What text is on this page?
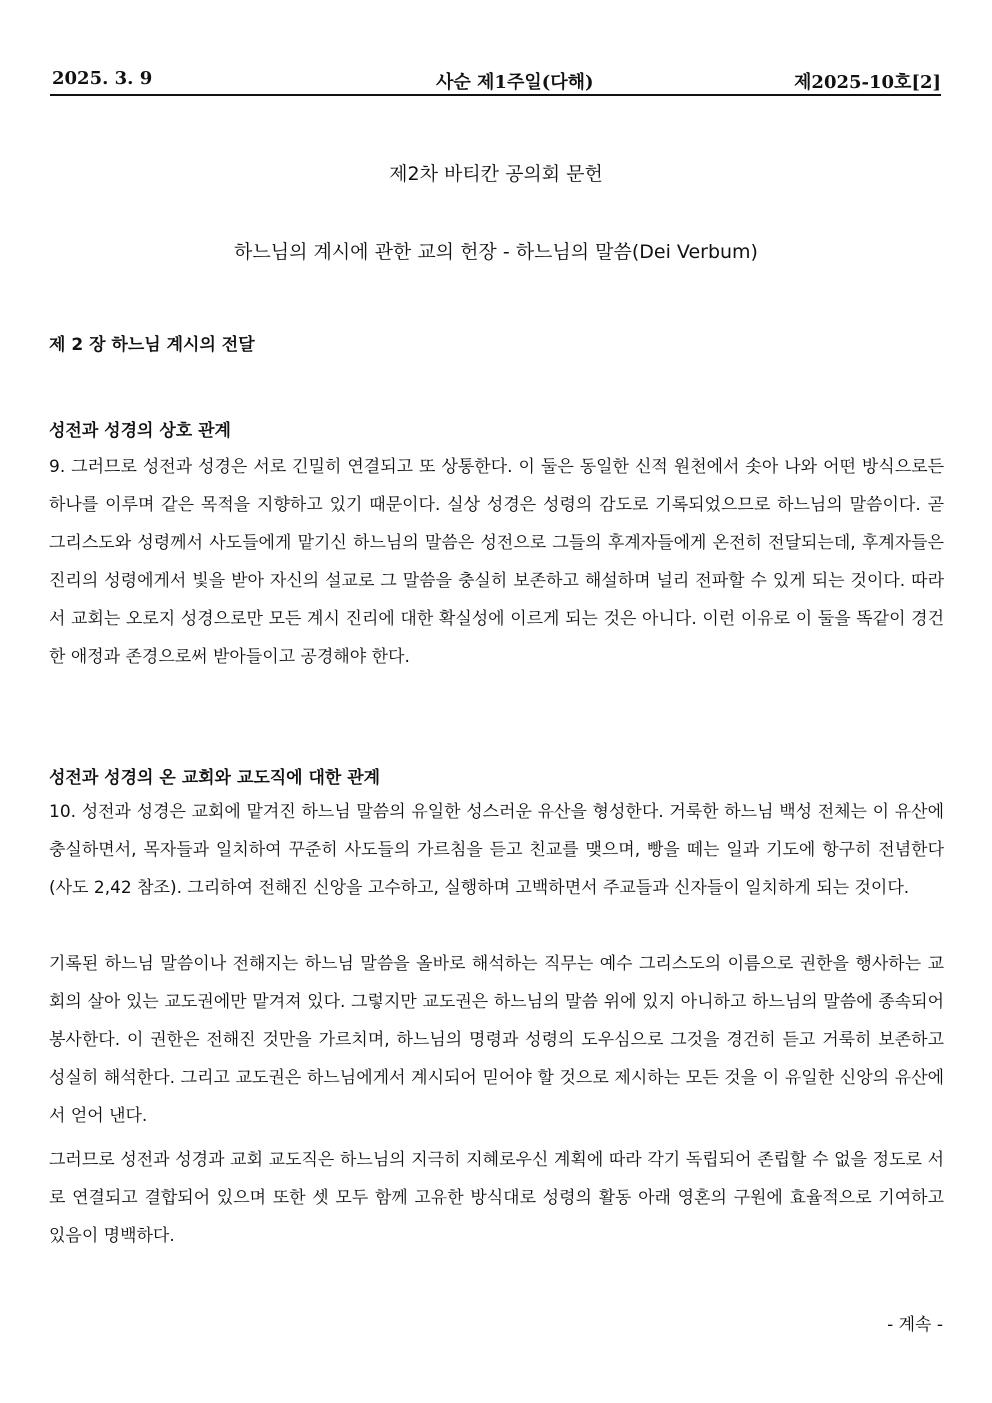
2025. 3. 9	사순 제1주일(다해)	제2025-10호[2]
제2차 바티칸 공의회 문헌
하느님의 계시에 관한 교의 헌장 - 하느님의 말씀(Dei Verbum)
제 2 장 하느님 계시의 전달
성전과 성경의 상호 관계

9. 그러므로 성전과 성경은 서로 긴밀히 연결되고 또 상통한다. 이 둘은 동일한 신적 원천에서 솟아 나와 어떤 방식으로든 하나를 이루며 같은 목적을 지향하고 있기 때문이다. 실상 성경은 성령의 감도로 기록되었으므로 하느님의 말씀이다. 곧 그리스도와 성령께서 사도들에게 맡기신 하느님의 말씀은 성전으로 그들의 후계자들에게 온전히 전달되는데, 후계자들은 진리의 성령에게서 빛을 받아 자신의 설교로 그 말씀을 충실히 보존하고 해설하며 널리 전파할 수 있게 되는 것이다. 따라서 교회는 오로지 성경으로만 모든 계시 진리에 대한 확실성에 이르게 되는 것은 아니다. 이런 이유로 이 둘을 똑같이 경건한 애정과 존경으로써 받아들이고 공경해야 한다.

성전과 성경의 온 교회와 교도직에 대한 관계

10. 성전과 성경은 교회에 맡겨진 하느님 말씀의 유일한 성스러운 유산을 형성한다. 거룩한 하느님 백성 전체는 이 유산에 충실하면서, 목자들과 일치하여 꾸준히 사도들의 가르침을 듣고 친교를 맺으며, 빵을 떼는 일과 기도에 항구히 전념한다(사도 2,42 참조). 그리하여 전해진 신앙을 고수하고, 실행하며 고백하면서 주교들과 신자들이 일치하게 되는 것이다.

기록된 하느님 말씀이나 전해지는 하느님 말씀을 올바로 해석하는 직무는 예수 그리스도의 이름으로 권한을 행사하는 교회의 살아 있는 교도권에만 맡겨져 있다. 그렇지만 교도권은 하느님의 말씀 위에 있지 아니하고 하느님의 말씀에 종속되어 봉사한다. 이 권한은 전해진 것만을 가르치며, 하느님의 명령과 성령의 도우심으로 그것을 경건히 듣고 거룩히 보존하고 성실히 해석한다. 그리고 교도권은 하느님에게서 계시되어 믿어야 할 것으로 제시하는 모든 것을 이 유일한 신앙의 유산에서 얻어 낸다.

그러므로 성전과 성경과 교회 교도직은 하느님의 지극히 지혜로우신 계획에 따라 각기 독립되어 존립할 수 없을 정도로 서로 연결되고 결합되어 있으며 또한 셋 모두 함께 고유한 방식대로 성령의 활동 아래 영혼의 구원에 효율적으로 기여하고 있음이 명백하다.

- 계속 -
